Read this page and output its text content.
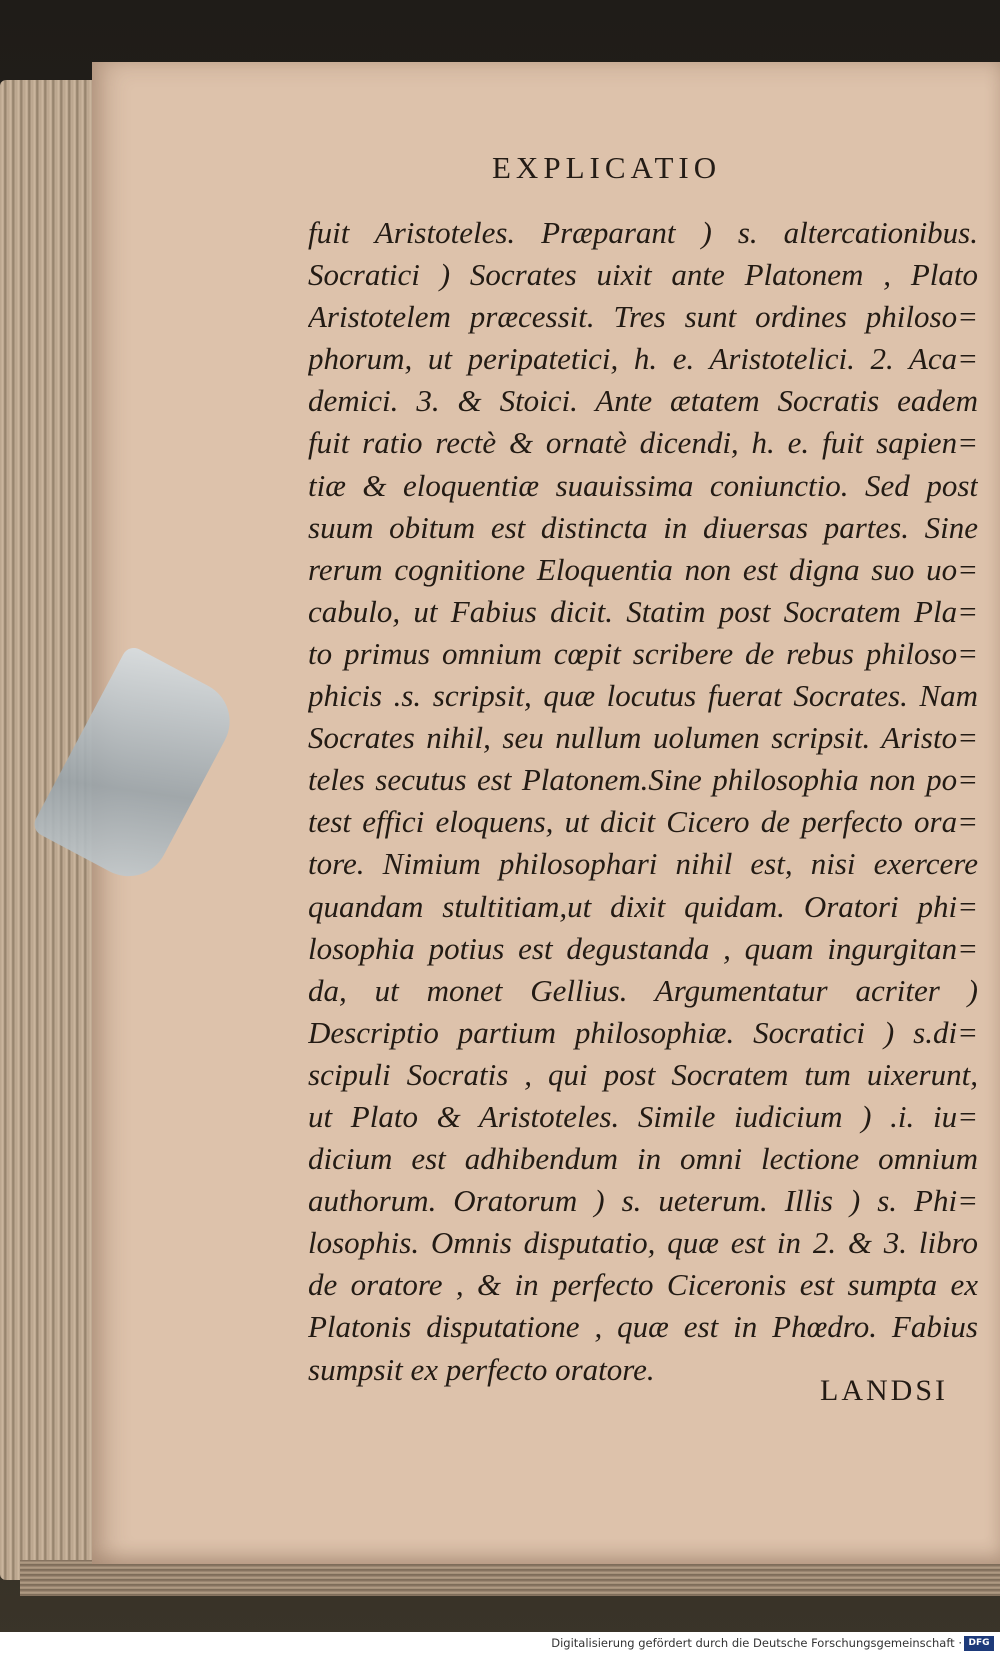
EXPLICATIO
fuit Aristoteles. Præparant ) s. altercationibus.
Socratici ) Socrates uixit ante Platonem , Plato
Aristotelem præcessit. Tres sunt ordines philoso=
phorum, ut peripatetici, h. e. Aristotelici. 2. Aca=
demici. 3. & Stoici. Ante ætatem Socratis eadem
fuit ratio rectè & ornatè dicendi, h. e. fuit sapien=
tiæ & eloquentiæ suauissima coniunctio. Sed post
suum obitum est distincta in diuersas partes. Sine
rerum cognitione Eloquentia non est digna suo uo=
cabulo, ut Fabius dicit. Statim post Socratem Pla=
to primus omnium cœpit scribere de rebus philoso=
phicis .s. scripsit, quæ locutus fuerat Socrates. Nam
Socrates nihil, seu nullum uolumen scripsit. Aristo=
teles secutus est Platonem.Sine philosophia non po=
test effici eloquens, ut dicit Cicero de perfecto ora=
tore. Nimium philosophari nihil est, nisi exercere
quandam stultitiam,ut dixit quidam. Oratori phi=
losophia potius est degustanda , quam ingurgitan=
da, ut monet Gellius. Argumentatur acriter )
Descriptio partium philosophiæ. Socratici ) s.di=
scipuli Socratis , qui post Socratem tum uixerunt,
ut Plato & Aristoteles. Simile iudicium ) .i. iu=
dicium est adhibendum in omni lectione omnium
authorum. Oratorum ) s. ueterum. Illis ) s. Phi=
losophis. Omnis disputatio, quæ est in 2. & 3. libro
de oratore , & in perfecto Ciceronis est sumpta ex
Platonis disputatione , quæ est in Phœdro. Fabius
sumpsit ex perfecto oratore.
LANDSI
Digitalisierung gefördert durch die Deutsche Forschungsgemeinschaft · DFG
